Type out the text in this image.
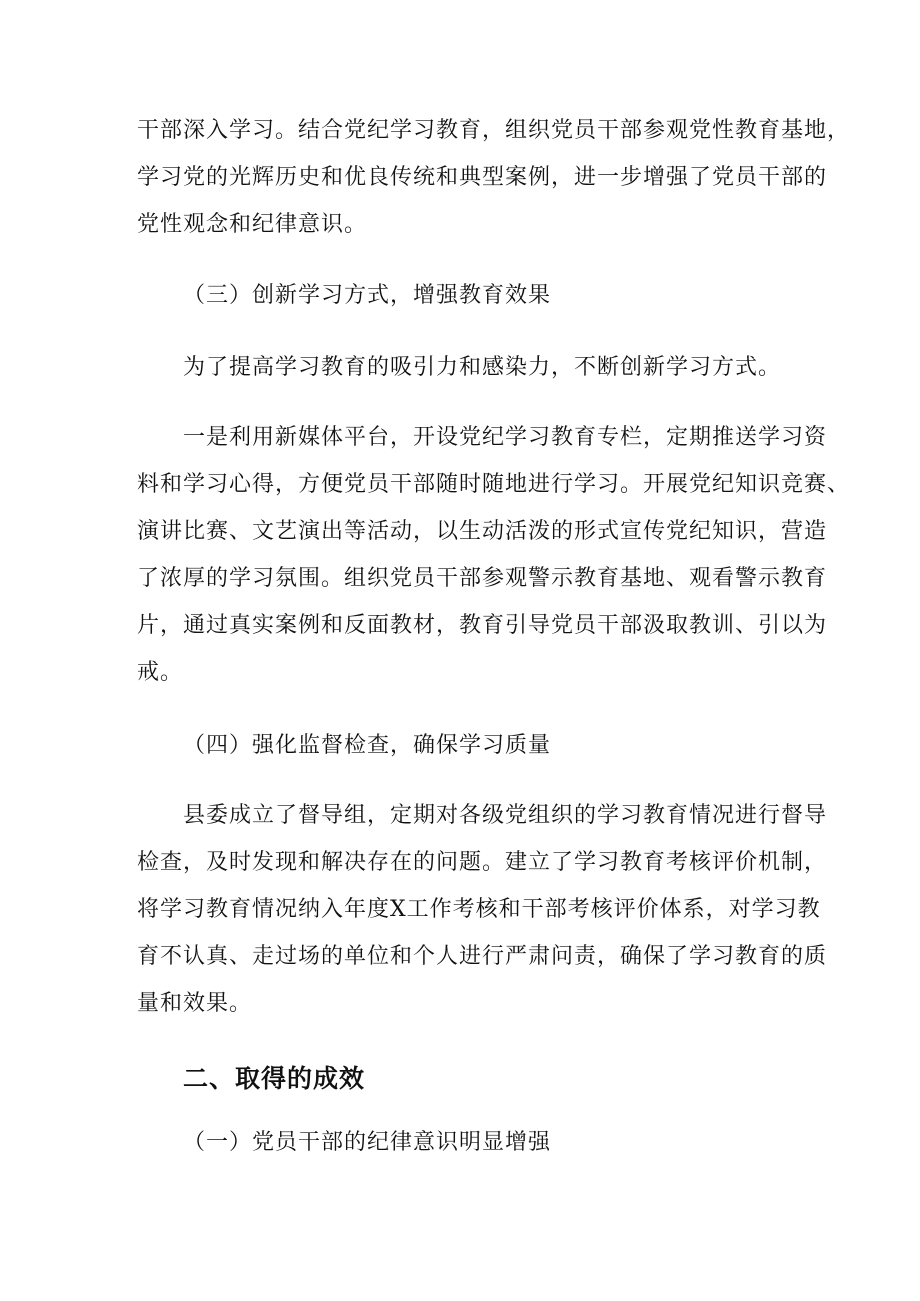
干部深入学习。结合党纪学习教育，组织党员干部参观党性教育基地，
学习党的光辉历史和优良传统和典型案例，进一步增强了党员干部的
党性观念和纪律意识。
（三）创新学习方式，增强教育效果
为了提高学习教育的吸引力和感染力，不断创新学习方式。
一是利用新媒体平台，开设党纪学习教育专栏，定期推送学习资
料和学习心得，方便党员干部随时随地进行学习。开展党纪知识竞赛、
演讲比赛、文艺演出等活动，以生动活泼的形式宣传党纪知识，营造
了浓厚的学习氛围。组织党员干部参观警示教育基地、观看警示教育
片，通过真实案例和反面教材，教育引导党员干部汲取教训、引以为
戒。
（四）强化监督检查，确保学习质量
县委成立了督导组，定期对各级党组织的学习教育情况进行督导
检查，及时发现和解决存在的问题。建立了学习教育考核评价机制，
将学习教育情况纳入年度X工作考核和干部考核评价体系，对学习教
育不认真、走过场的单位和个人进行严肃问责，确保了学习教育的质
量和效果。
二、取得的成效
（一）党员干部的纪律意识明显增强
